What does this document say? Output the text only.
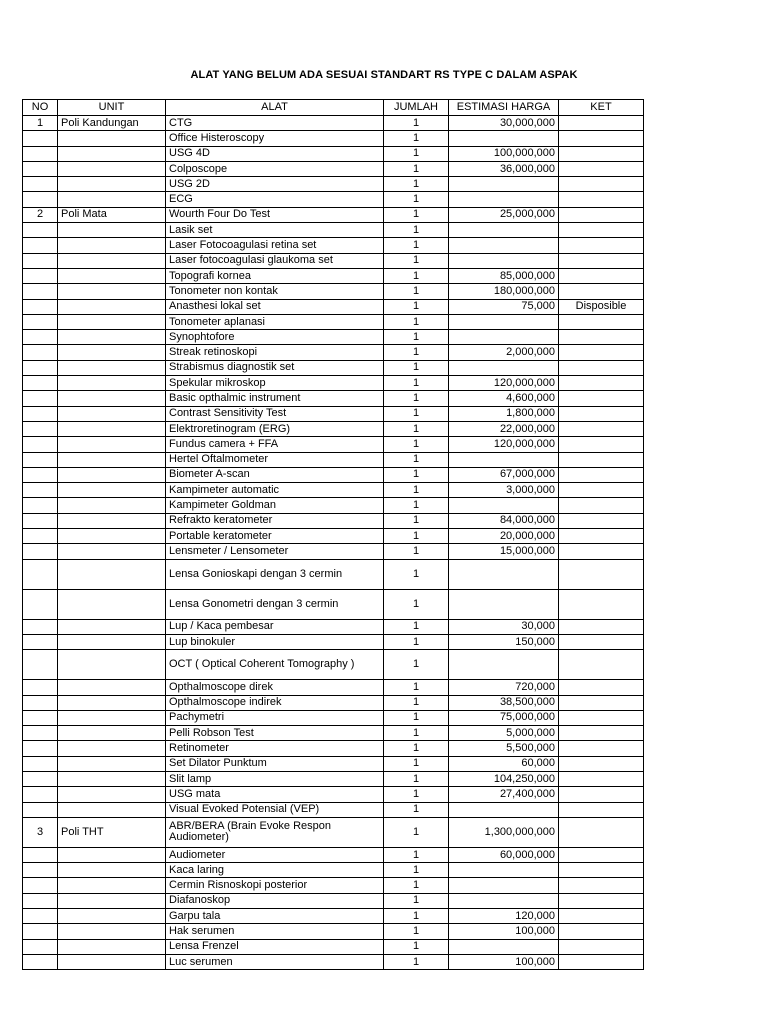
ALAT YANG BELUM ADA SESUAI STANDART RS TYPE C DALAM ASPAK
NO	UNIT	ALAT	JUMLAH	ESTIMASI HARGA	KET
1	Poli Kandungan	CTG	1	30,000,000	
		Office Histeroscopy	1		
		USG 4D	1	100,000,000	
		Colposcope	1	36,000,000	
		USG 2D	1		
		ECG	1		
2	Poli Mata	Wourth Four Do Test	1	25,000,000	
		Lasik set	1		
		Laser Fotocoagulasi retina set	1		
		Laser fotocoagulasi glaukoma set	1		
		Topografi kornea	1	85,000,000	
		Tonometer non kontak	1	180,000,000	
		Anasthesi lokal set	1	75,000	Disposible
		Tonometer aplanasi	1		
		Synophtofore	1		
		Streak retinoskopi	1	2,000,000	
		Strabismus diagnostik set	1		
		Spekular mikroskop	1	120,000,000	
		Basic opthalmic instrument	1	4,600,000	
		Contrast Sensitivity Test	1	1,800,000	
		Elektroretinogram (ERG)	1	22,000,000	
		Fundus camera + FFA	1	120,000,000	
		Hertel Oftalmometer	1		
		Biometer A-scan	1	67,000,000	
		Kampimeter automatic	1	3,000,000	
		Kampimeter Goldman	1		
		Refrakto keratometer	1	84,000,000	
		Portable keratometer	1	20,000,000	
		Lensmeter / Lensometer	1	15,000,000	
		Lensa Gonioskapi dengan 3 cermin	1		
		Lensa Gonometri dengan 3 cermin	1		
		Lup / Kaca pembesar	1	30,000	
		Lup binokuler	1	150,000	
		OCT ( Optical Coherent Tomography )	1		
		Opthalmoscope direk	1	720,000	
		Opthalmoscope indirek	1	38,500,000	
		Pachymetri	1	75,000,000	
		Pelli Robson Test	1	5,000,000	
		Retinometer	1	5,500,000	
		Set Dilator Punktum	1	60,000	
		Slit lamp	1	104,250,000	
		USG mata	1	27,400,000	
		Visual Evoked Potensial (VEP)	1		
3	Poli THT	ABR/BERA (Brain Evoke Respon Audiometer)	1	1,300,000,000	
		Audiometer	1	60,000,000	
		Kaca laring	1		
		Cermin Risnoskopi posterior	1		
		Diafanoskop	1		
		Garpu tala	1	120,000	
		Hak serumen	1	100,000	
		Lensa Frenzel	1		
		Luc serumen	1	100,000	
